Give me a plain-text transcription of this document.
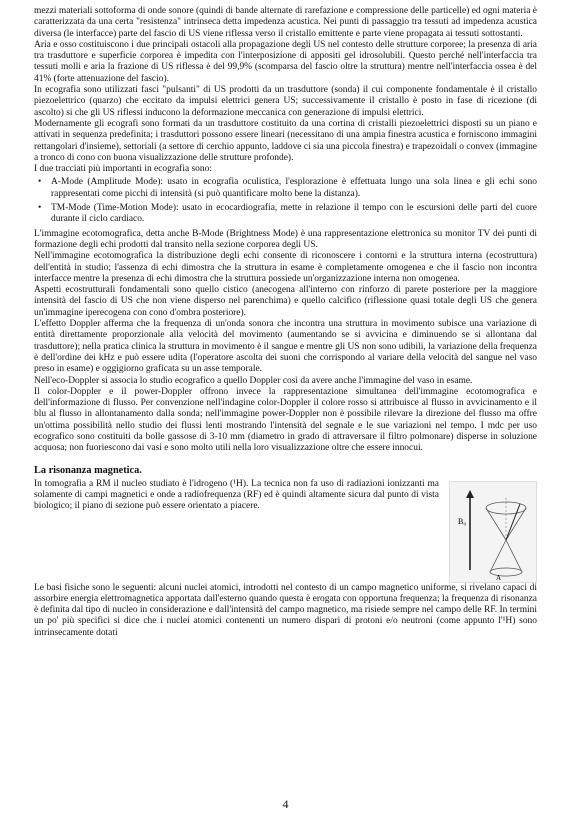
mezzi materiali sottoforma di onde sonore (quindi di bande alternate di rarefazione e compressione delle particelle) ed ogni materia è caratterizzata da una certa "resistenza" intrinseca detta impedenza acustica. Nei punti di passaggio tra tessuti ad impedenza acustica diversa (le interfacce) parte del fascio di US viene riflessa verso il cristallo emittente e parte viene propagata ai tessuti sottostanti.

Aria e osso costituiscono i due principali ostacoli alla propagazione degli US nel contesto delle strutture corporee; la presenza di aria tra trasduttore e superficie corporea è impedita con l'interposizione di appositi gel idrosolubili. Questo perché nell'interfaccia tra tessuti molli e aria la frazione di US riflessa è del 99,9% (scomparsa del fascio oltre la struttura) mentre nell'interfaccia ossea è del 41% (forte attenuazione del fascio).

In ecografia sono utilizzati fasci "pulsanti" di US prodotti da un trasduttore (sonda) il cui componente fondamentale è il cristallo piezoelettrico (quarzo) che eccitato da impulsi elettrici genera US; successivamente il cristallo è posto in fase di ricezione (di ascolto) si che gli US riflessi inducono la deformazione meccanica con generazione di impulsi elettrici.

Modernamente gli ecografi sono formati da un trasduttore costituito da una cortina di cristalli piezoelettrici disposti su un piano e attivati in sequenza predefinita; i trasduttori possono essere lineari (necessitano di una ampia finestra acustica e forniscono immagini rettangolari d'insieme), settoriali (a settore di cerchio appunto, laddove ci sia una piccola finestra) e trapezoidali o convex (immagine a tronco di cono con buona visualizzazione delle strutture profonde).

I due tracciati più importanti in ecografia sono:

• A-Mode (Amplitude Mode): usato in ecografia oculistica, l'esplorazione è effettuata lungo una sola linea e gli echi sono rappresentati come picchi di intensità (si può quantificare molto bene la distanza).
• TM-Mode (Time-Motion Mode): usato in ecocardiografia, mette in relazione il tempo con le escursioni delle parti del cuore durante il ciclo cardiaco.

L'immagine ecotomografica, detta anche B-Mode (Brightness Mode) è una rappresentazione elettronica su monitor TV dei punti di formazione degli echi prodotti dal transito nella sezione corporea degli US.

Nell'immagine ecotomografica la distribuzione degli echi consente di riconoscere i contorni e la struttura interna (ecostruttura) dell'entità in studio; l'assenza di echi dimostra che la struttura in esame è completamente omogenea e che il fascio non incontra interfacce mentre la presenza di echi dimostra che la struttura possiede un'organizzazione interna non omogenea.

Aspetti ecostrutturali fondamentali sono quello cistico (anecogena all'interno con rinforzo di parete posteriore per la maggiore intensità del fascio di US che non viene disperso nel parenchima) e quello calcifico (riflessione quasi totale degli US che genera un'immagine iperecogena con cono d'ombra posteriore).

L'effetto Doppler afferma che la frequenza di un'onda sonora che incontra una struttura in movimento subisce una variazione di entità direttamente proporzionale alla velocità del movimento (aumentando se si avvicina e diminuendo se si allontana dal trasduttore); nella pratica clinica la struttura in movimento è il sangue e mentre gli US non sono udibili, la variazione della frequenza è dell'ordine dei kHz e può essere udita (l'operatore ascolta dei suoni che corrispondo al variare della velocità del sangue nel vaso preso in esame) e oggigiorno graficata su un asse temporale.

Nell'eco-Doppler si associa lo studio ecografico a quello Doppler così da avere anche l'immagine del vaso in esame.

Il color-Doppler e il power-Doppler offrono invece la rappresentazione simultanea dell'immagine ecotomografica e dell'informazione di flusso. Per convenzione nell'indagine color-Doppler il colore rosso si attribuisce al flusso in avvicinamento e il blu al flusso in allontanamento dalla sonda; nell'immagine power-Doppler non è possibile rilevare la direzione del flusso ma offre un'ottima possibilità nello studio dei flussi lenti mostrando l'intensità del segnale e le sue variazioni nel tempo. I mdc per uso ecografico sono costituiti da bolle gassose di 3-10 mm (diametro in grado di attraversare il filtro polmonare) disperse in soluzione acquosa; non fuoriescono dai vasi e sono molto utili nella loro visualizzazione oltre che essere innocui.

La risonanza magnetica.

In tomografia a RM il nucleo studiato è l'idrogeno (¹H). La tecnica non fa uso di radiazioni ionizzanti ma solamente di campi magnetici e onde a radiofrequenza (RF) ed è quindi altamente sicura dal punto di vista biologico; il piano di sezione può essere orientato a piacere.

B₀
A

Le basi fisiche sono le seguenti: alcuni nuclei atomici, introdotti nel contesto di un campo magnetico uniforme, si rivelano capaci di assorbire energia elettromagnetica apportata dall'esterno quando questa è erogata con opportuna frequenza; la frequenza di risonanza è definita dal tipo di nucleo in considerazione e dall'intensità del campo magnetico, ma risiede sempre nel campo delle RF. In termini un po' più specifici si dice che i nuclei atomici contenenti un numero dispari di protoni e/o neutroni (come appunto l'¹H) sono intrinsecamente dotati

4
